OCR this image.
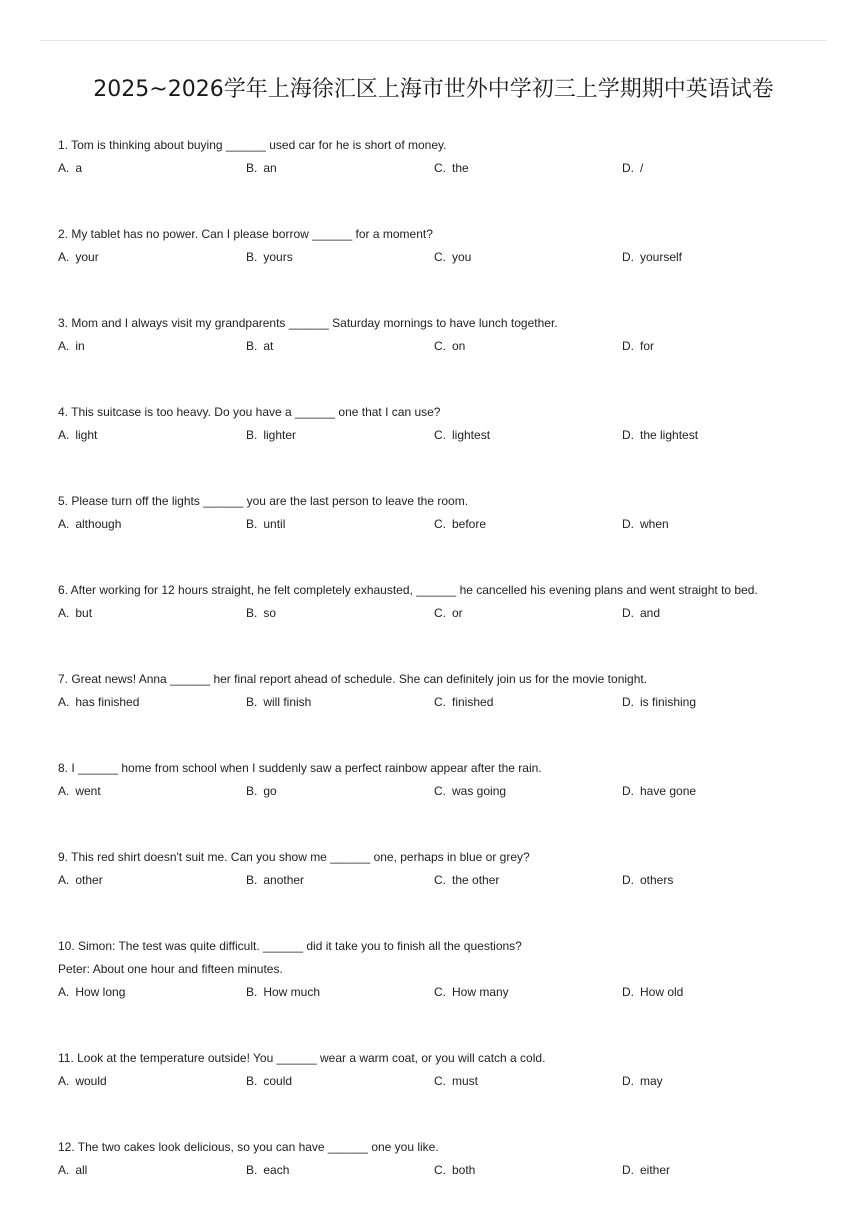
2025~2026学年上海徐汇区上海市世外中学初三上学期期中英语试卷
1. Tom is thinking about buying ______ used car for he is short of money.
A. a	B. an	C. the	D. /
2. My tablet has no power. Can I please borrow ______ for a moment?
A. your	B. yours	C. you	D. yourself
3. Mom and I always visit my grandparents ______ Saturday mornings to have lunch together.
A. in	B. at	C. on	D. for
4. This suitcase is too heavy. Do you have a ______ one that I can use?
A. light	B. lighter	C. lightest	D. the lightest
5. Please turn off the lights ______ you are the last person to leave the room.
A. although	B. until	C. before	D. when
6. After working for 12 hours straight, he felt completely exhausted, ______ he cancelled his evening plans and went straight to bed.
A. but	B. so	C. or	D. and
7. Great news! Anna ______ her final report ahead of schedule. She can definitely join us for the movie tonight.
A. has finished	B. will finish	C. finished	D. is finishing
8. I ______ home from school when I suddenly saw a perfect rainbow appear after the rain.
A. went	B. go	C. was going	D. have gone
9. This red shirt doesn't suit me. Can you show me ______ one, perhaps in blue or grey?
A. other	B. another	C. the other	D. others
10. Simon: The test was quite difficult. ______ did it take you to finish all the questions?
Peter: About one hour and fifteen minutes.
A. How long	B. How much	C. How many	D. How old
11. Look at the temperature outside! You ______ wear a warm coat, or you will catch a cold.
A. would	B. could	C. must	D. may
12. The two cakes look delicious, so you can have ______ one you like.
A. all	B. each	C. both	D. either
